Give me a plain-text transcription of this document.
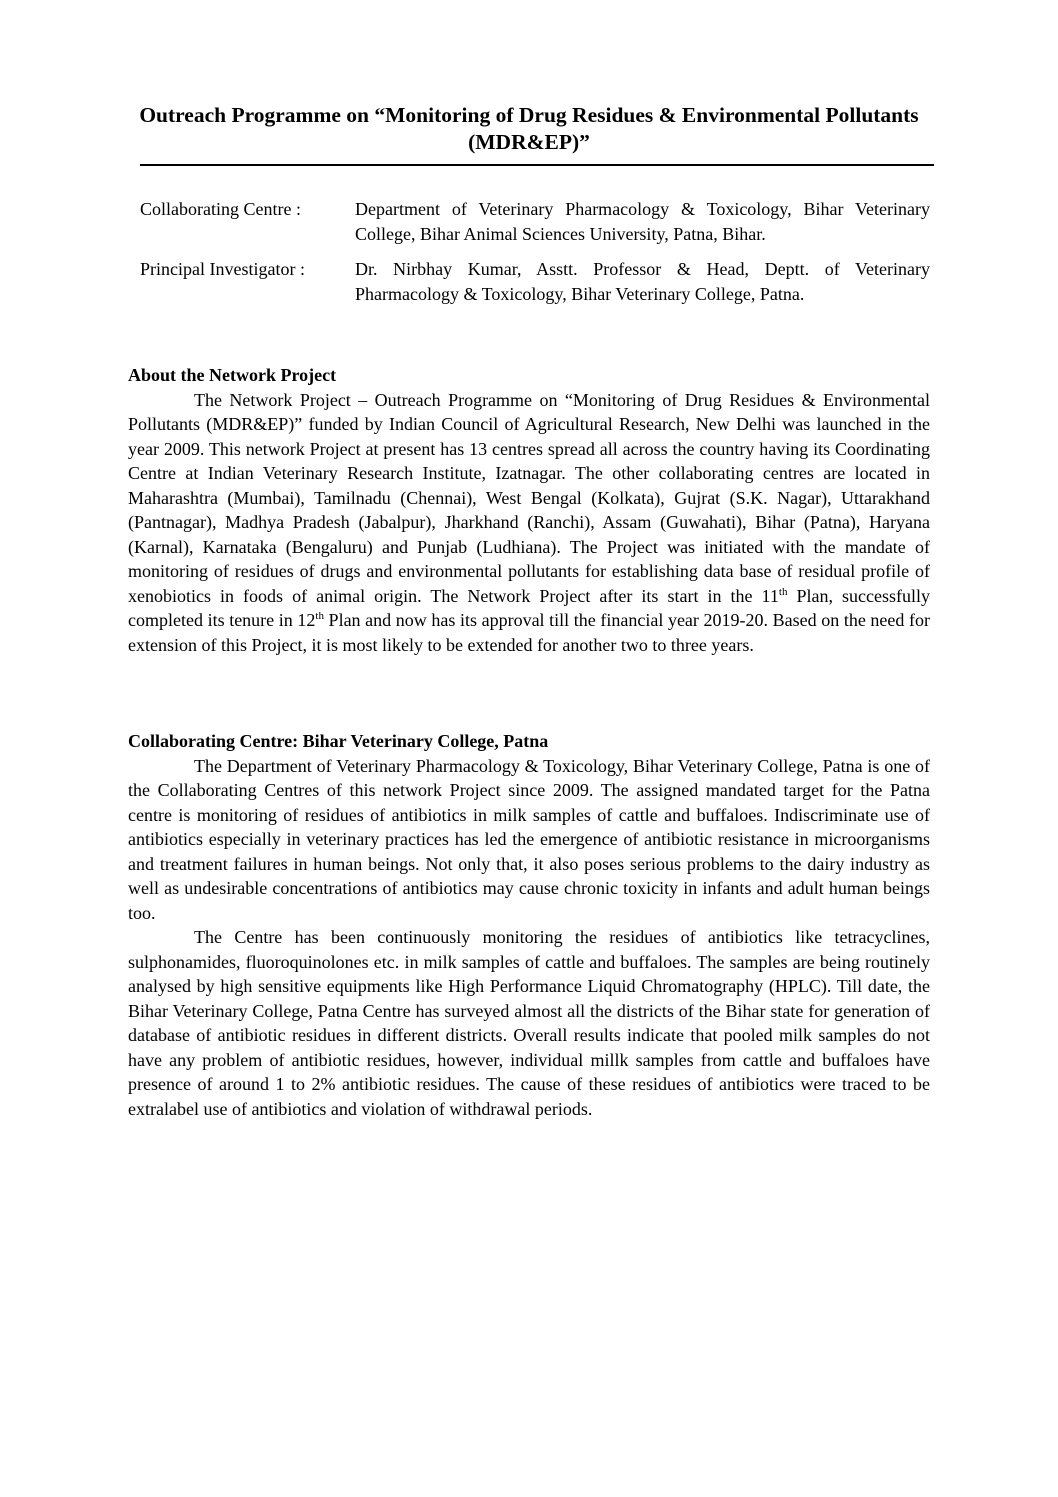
Outreach Programme on “Monitoring of Drug Residues & Environmental Pollutants (MDR&EP)”
Collaborating Centre :	Department of Veterinary Pharmacology & Toxicology, Bihar Veterinary College, Bihar Animal Sciences University, Patna, Bihar.
Principal Investigator :	Dr. Nirbhay Kumar, Asstt. Professor & Head, Deptt. of Veterinary Pharmacology & Toxicology, Bihar Veterinary College, Patna.
About the Network Project

The Network Project – Outreach Programme on “Monitoring of Drug Residues & Environmental Pollutants (MDR&EP)” funded by Indian Council of Agricultural Research, New Delhi was launched in the year 2009. This network Project at present has 13 centres spread all across the country having its Coordinating Centre at Indian Veterinary Research Institute, Izatnagar. The other collaborating centres are located in Maharashtra (Mumbai), Tamilnadu (Chennai), West Bengal (Kolkata), Gujrat (S.K. Nagar), Uttarakhand (Pantnagar), Madhya Pradesh (Jabalpur), Jharkhand (Ranchi), Assam (Guwahati), Bihar (Patna), Haryana (Karnal), Karnataka (Bengaluru) and Punjab (Ludhiana). The Project was initiated with the mandate of monitoring of residues of drugs and environmental pollutants for establishing data base of residual profile of xenobiotics in foods of animal origin. The Network Project after its start in the 11th Plan, successfully completed its tenure in 12th Plan and now has its approval till the financial year 2019-20. Based on the need for extension of this Project, it is most likely to be extended for another two to three years.

Collaborating Centre: Bihar Veterinary College, Patna

The Department of Veterinary Pharmacology & Toxicology, Bihar Veterinary College, Patna is one of the Collaborating Centres of this network Project since 2009. The assigned mandated target for the Patna centre is monitoring of residues of antibiotics in milk samples of cattle and buffaloes. Indiscriminate use of antibiotics especially in veterinary practices has led the emergence of antibiotic resistance in microorganisms and treatment failures in human beings. Not only that, it also poses serious problems to the dairy industry as well as undesirable concentrations of antibiotics may cause chronic toxicity in infants and adult human beings too.

The Centre has been continuously monitoring the residues of antibiotics like tetracyclines, sulphonamides, fluoroquinolones etc. in milk samples of cattle and buffaloes. The samples are being routinely analysed by high sensitive equipments like High Performance Liquid Chromatography (HPLC). Till date, the Bihar Veterinary College, Patna Centre has surveyed almost all the districts of the Bihar state for generation of database of antibiotic residues in different districts. Overall results indicate that pooled milk samples do not have any problem of antibiotic residues, however, individual millk samples from cattle and buffaloes have presence of around 1 to 2% antibiotic residues. The cause of these residues of antibiotics were traced to be extralabel use of antibiotics and violation of withdrawal periods.
